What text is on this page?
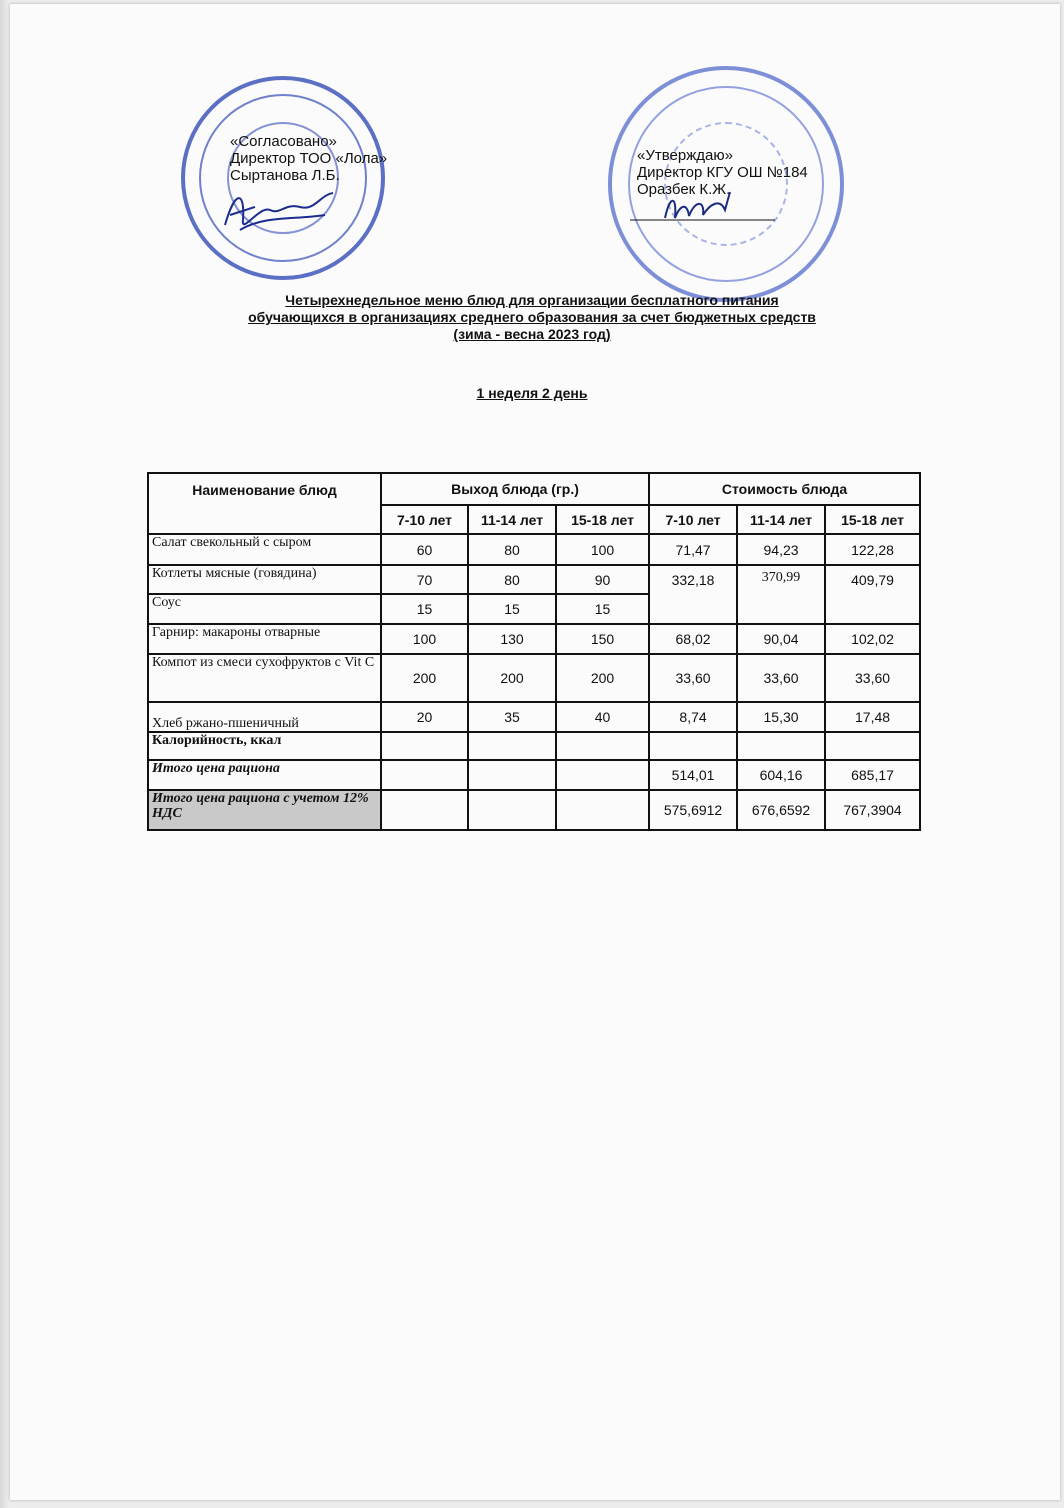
«Согласовано»
Директор ТОО «Лола»
Сыртанова Л.Б.
«Утверждаю»
Директор КГУ ОШ №184
Оразбек К.Ж.
Четырехнедельное меню блюд для организации бесплатного питания
обучающихся в организациях среднего образования за счет бюджетных средств
(зима - весна 2023 год)
1 неделя 2 день
Наименование блюд	Выход блюда (гр.)			Стоимость блюда		
	7-10 лет	11-14 лет	15-18 лет	7-10 лет	11-14 лет	15-18 лет
Салат свекольный с сыром	60	80	100	71,47	94,23	122,28
Котлеты мясные (говядина)	70	80	90	332,18	370,99	409,79
Соус	15	15	15			
Гарнир: макароны отварные	100	130	150	68,02	90,04	102,02
Компот из смеси сухофруктов с Vit C	200	200	200	33,60	33,60	33,60
Хлеб ржано-пшеничный	20	35	40	8,74	15,30	17,48
Калорийность, ккал						
Итого цена рациона				514,01	604,16	685,17
Итого цена рациона с учетом 12% НДС				575,6912	676,6592	767,3904
